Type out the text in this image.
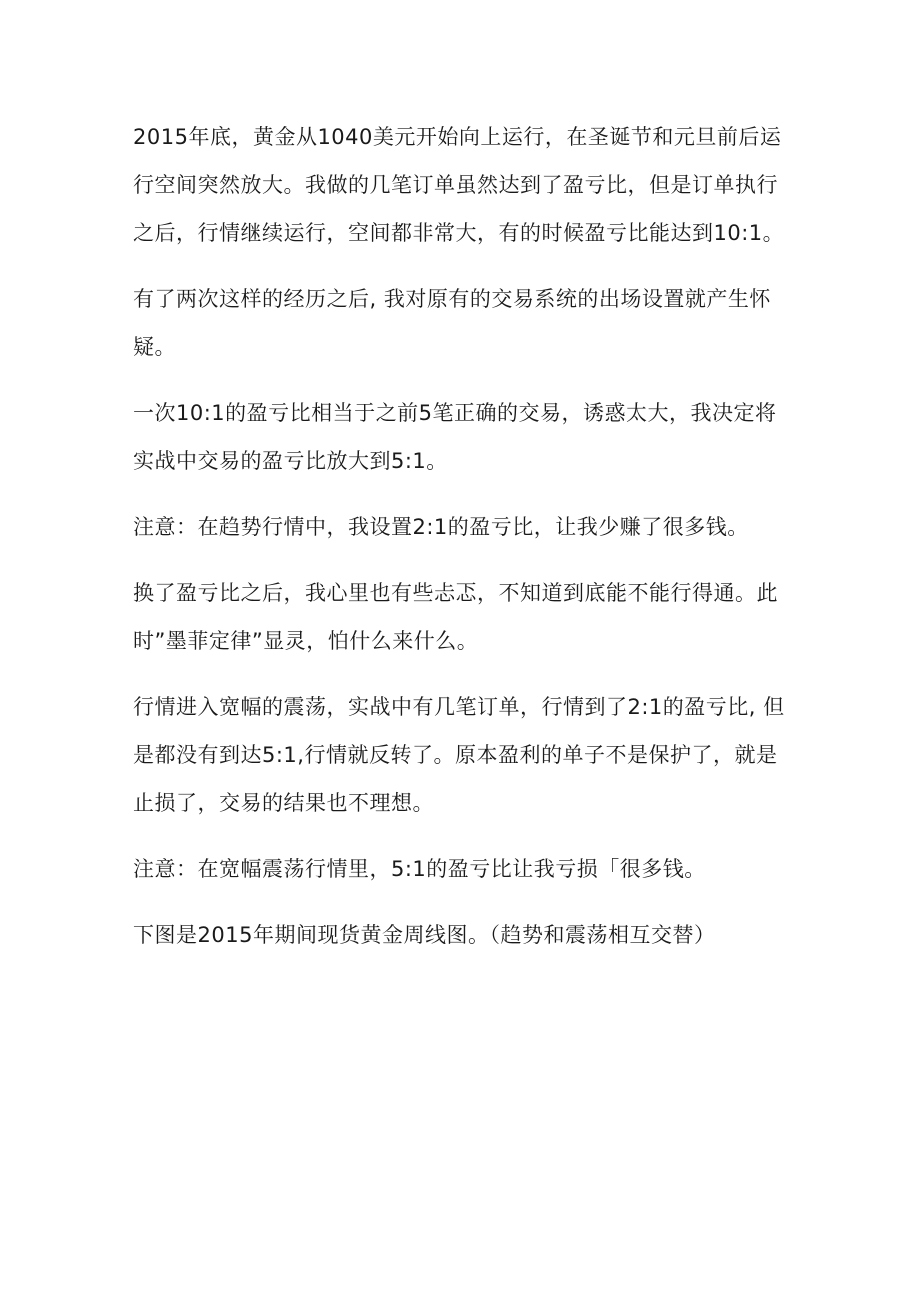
2015年底，黄金从1040美元开始向上运行，在圣诞节和元旦前后运行空间突然放大。我做的几笔订单虽然达到了盈亏比，但是订单执行之后，行情继续运行，空间都非常大，有的时候盈亏比能达到10:1。

有了两次这样的经历之后, 我对原有的交易系统的出场设置就产生怀疑。

一次10:1的盈亏比相当于之前5笔正确的交易，诱惑太大，我决定将实战中交易的盈亏比放大到5:1。

注意：在趋势行情中，我设置2:1的盈亏比，让我少赚了很多钱。

换了盈亏比之后，我心里也有些忐忑，不知道到底能不能行得通。此时”墨菲定律”显灵，怕什么来什么。

行情进入宽幅的震荡，实战中有几笔订单，行情到了2:1的盈亏比, 但是都没有到达5:1,行情就反转了。原本盈利的单子不是保护了，就是止损了，交易的结果也不理想。

注意：在宽幅震荡行情里，5:1的盈亏比让我亏损「很多钱。

下图是2015年期间现货黄金周线图。（趋势和震荡相互交替）
